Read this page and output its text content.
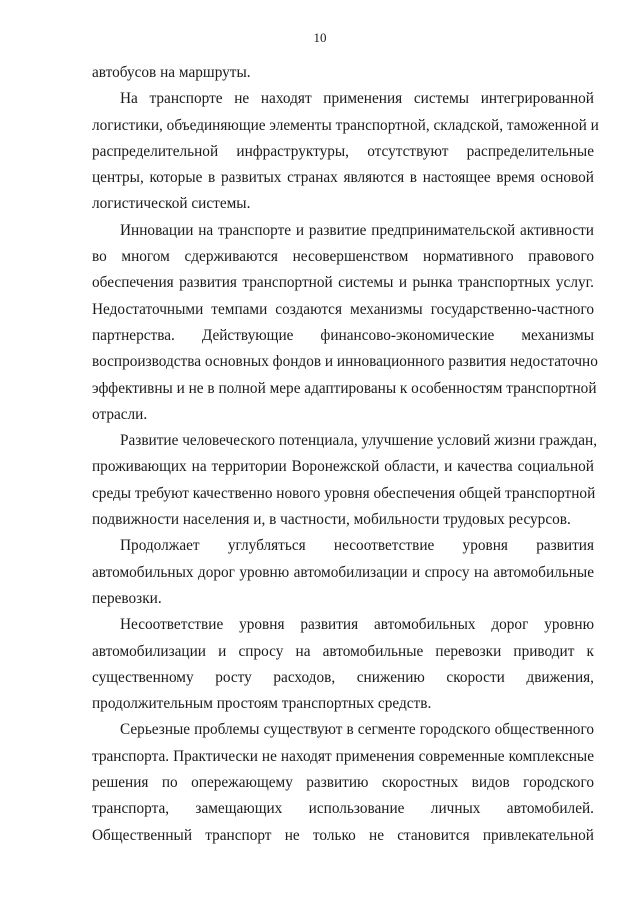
10
автобусов на маршруты.
На транспорте не находят применения системы интегрированной
логистики, объединяющие элементы транспортной, складской, таможенной и
распределительной инфраструктуры, отсутствуют распределительные
центры, которые в развитых странах являются в настоящее время основой
логистической системы.
Инновации на транспорте и развитие предпринимательской активности
во многом сдерживаются несовершенством нормативного правового
обеспечения развития транспортной системы и рынка транспортных услуг.
Недостаточными темпами создаются механизмы государственно-частного
партнерства. Действующие финансово-экономические механизмы
воспроизводства основных фондов и инновационного развития недостаточно
эффективны и не в полной мере адаптированы к особенностям транспортной
отрасли.
Развитие человеческого потенциала, улучшение условий жизни граждан,
проживающих на территории Воронежской области, и качества социальной
среды требуют качественно нового уровня обеспечения общей транспортной
подвижности населения и, в частности, мобильности трудовых ресурсов.
Продолжает углубляться несоответствие уровня развития
автомобильных дорог уровню автомобилизации и спросу на автомобильные
перевозки.
Несоответствие уровня развития автомобильных дорог уровню
автомобилизации и спросу на автомобильные перевозки приводит к
существенному росту расходов, снижению скорости движения,
продолжительным простоям транспортных средств.
Серьезные проблемы существуют в сегменте городского общественного
транспорта. Практически не находят применения современные комплексные
решения по опережающему развитию скоростных видов городского
транспорта, замещающих использование личных автомобилей.
Общественный транспорт не только не становится привлекательной
